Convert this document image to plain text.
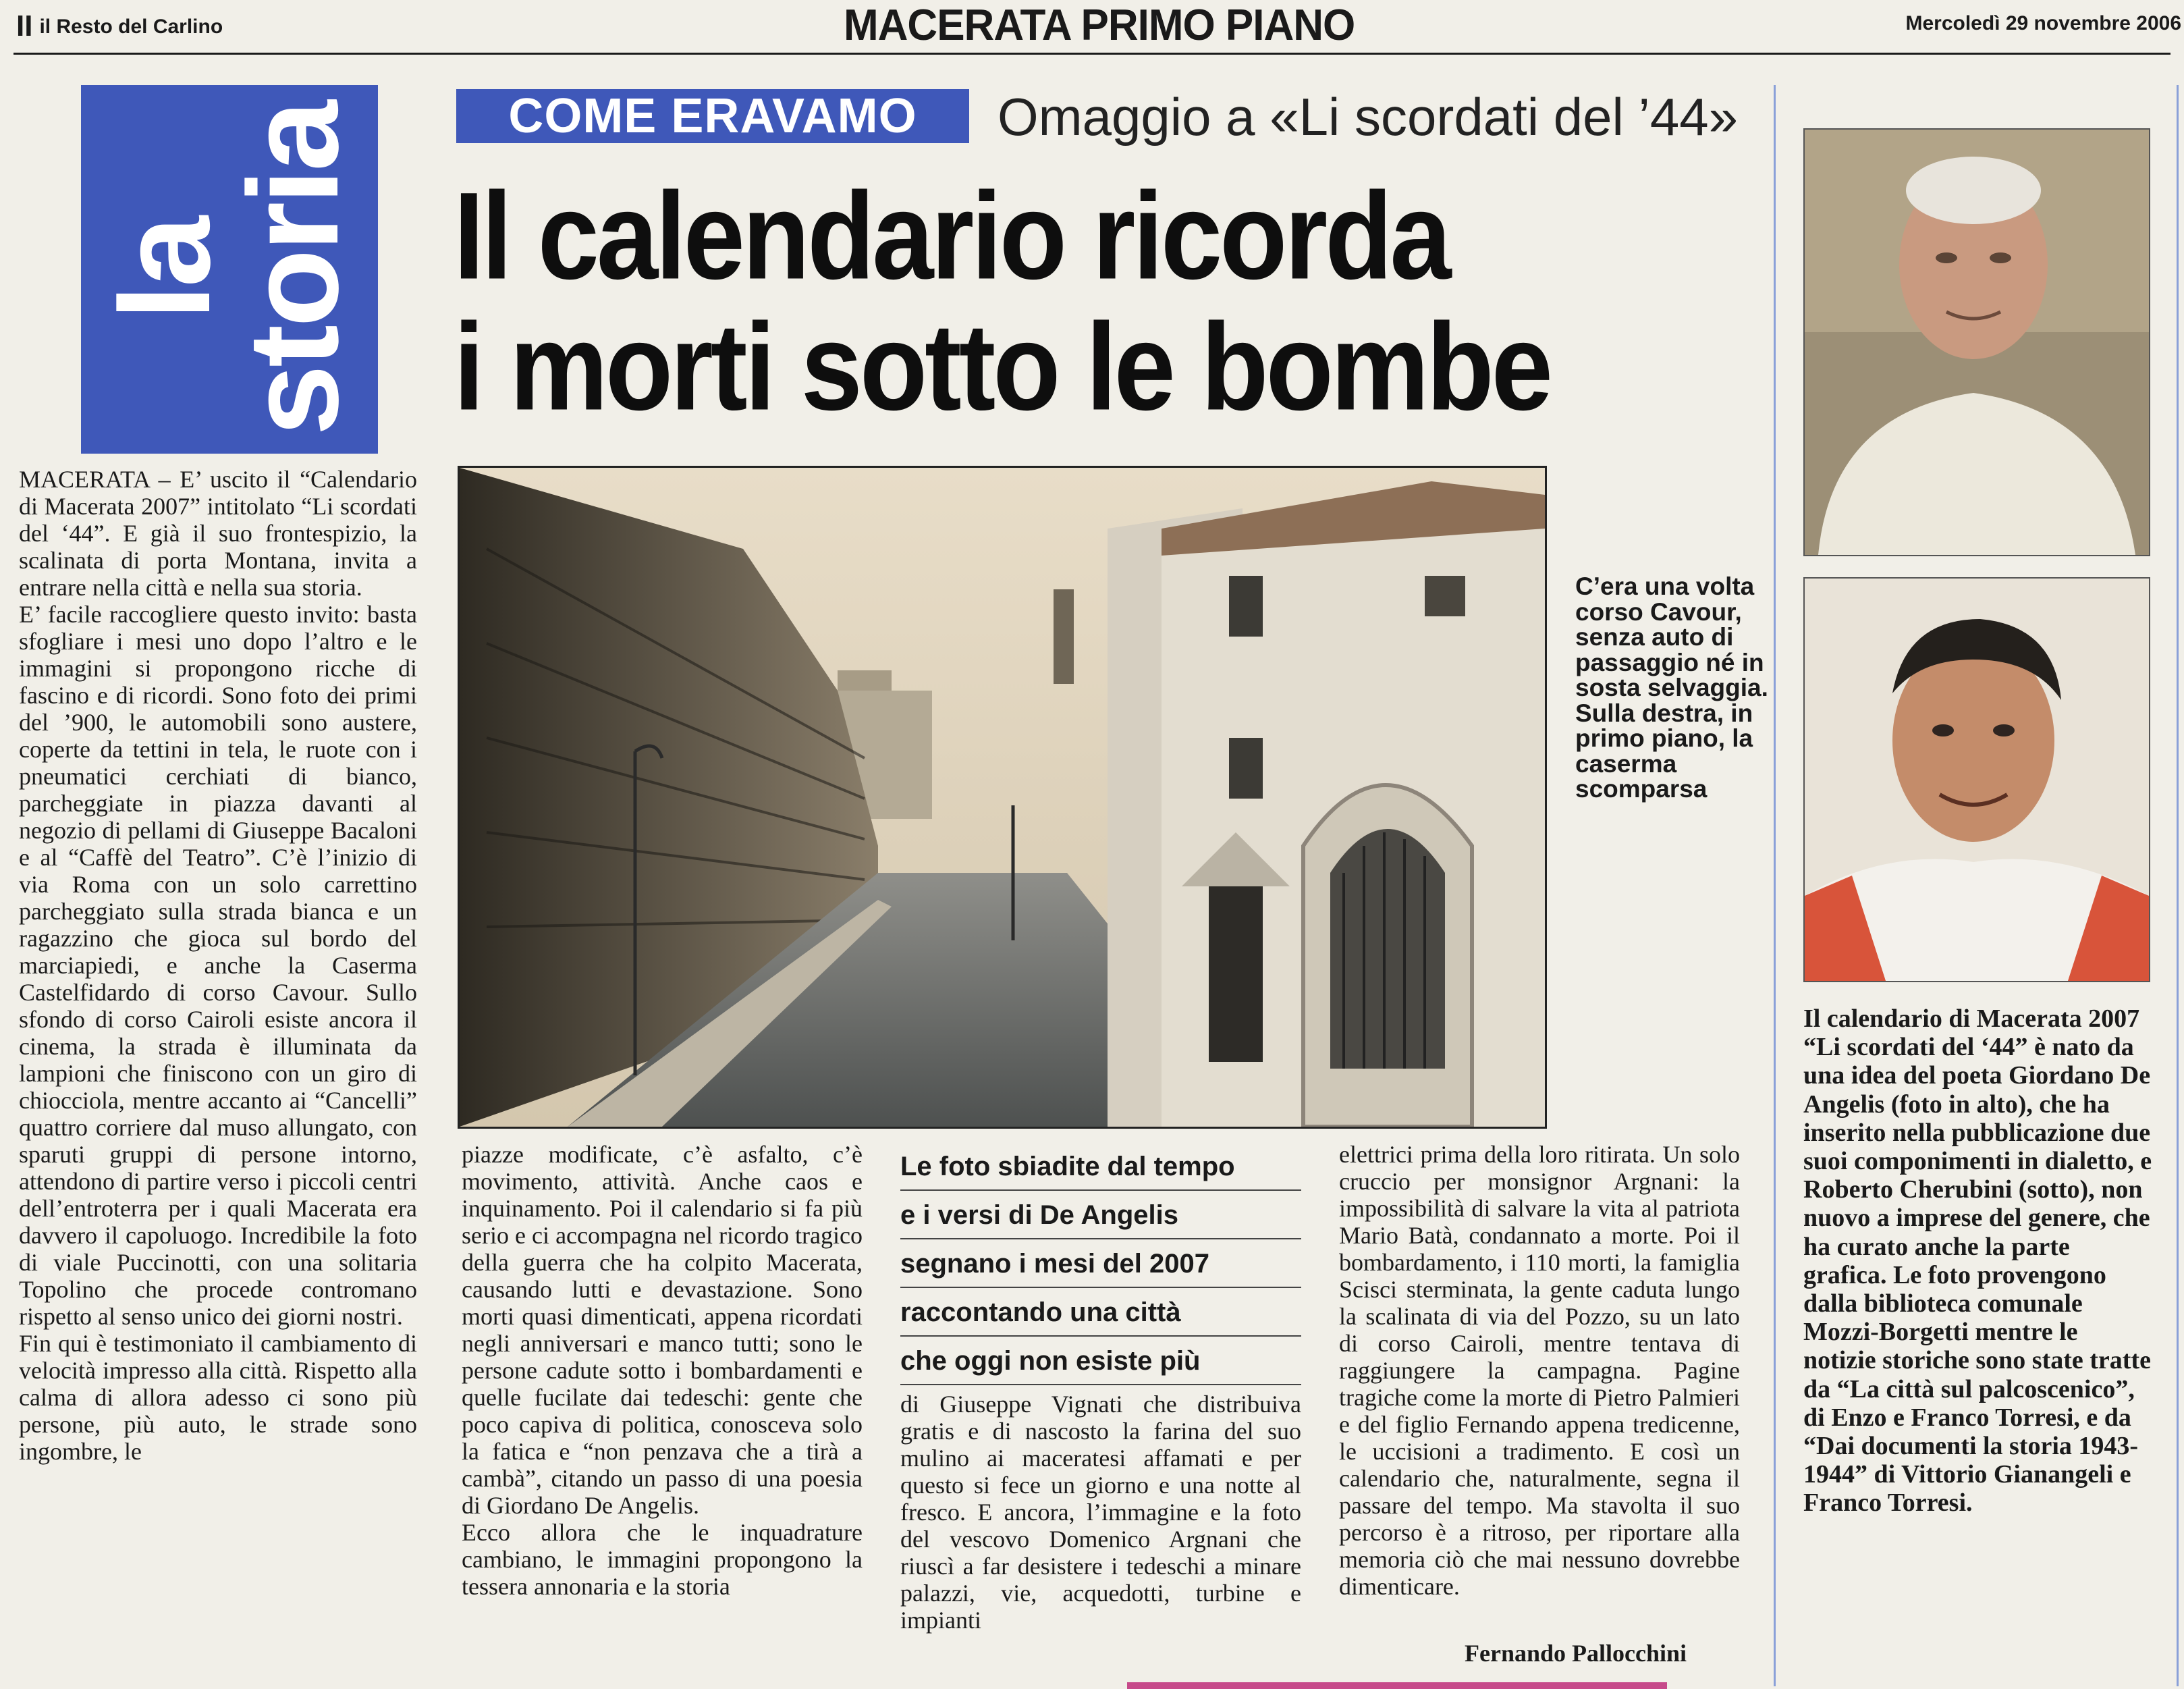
II il Resto del Carlino	MACERATA PRIMO PIANO	Mercoledì 29 novembre 2006
la
storia	COME ERAVAMO	Omaggio a «Li scordati del ’44»
Il calendario ricorda
i morti sotto le bombe
C’era una volta corso Cavour, senza auto di passaggio né in sosta selvaggia. Sulla destra, in primo piano, la caserma scomparsa
Il calendario di Macerata 2007 “Li scordati del ‘44” è nato da una idea del poeta Giordano De Angelis (foto in alto), che ha inserito nella pubblicazione due suoi componimenti in dialetto, e Roberto Cherubini (sotto), non nuovo a imprese del genere, che ha curato anche la parte grafica. Le foto provengono dalla biblioteca comunale Mozzi-Borgetti mentre le notizie storiche sono state tratte da “La città sul palcoscenico”, di Enzo e Franco Torresi, e da “Dai documenti la storia 1943-1944” di Vittorio Gianangeli e Franco Torresi.

MACERATA – E’ uscito il “Calendario di Macerata 2007” intitolato “Li scordati del ‘44”. E già il suo frontespizio, la scalinata di porta Montana, invita a entrare nella città e nella sua storia.

E’ facile raccogliere questo invito: basta sfogliare i mesi uno dopo l’altro e le immagini si propongono ricche di fascino e di ricordi. Sono foto dei primi del ’900, le automobili sono austere, coperte da tettini in tela, le ruote con i pneumatici cerchiati di bianco, parcheggiate in piazza davanti al negozio di pellami di Giuseppe Bacaloni e al “Caffè del Teatro”. C’è l’inizio di via Roma con un solo carrettino parcheggiato sulla strada bianca e un ragazzino che gioca sul bordo del marciapiedi, e anche la Caserma Castelfidardo di corso Cavour. Sullo sfondo di corso Cairoli esiste ancora il cinema, la strada è illuminata da lampioni che finiscono con un giro di chiocciola, mentre accanto ai “Cancelli” quattro corriere dal muso allungato, con sparuti gruppi di persone intorno, attendono di partire verso i piccoli centri dell’entroterra per i quali Macerata era davvero il capoluogo. Incredibile la foto di viale Puccinotti, con una solitaria Topolino che procede contromano rispetto al senso unico dei giorni nostri.

Fin qui è testimoniato il cambiamento di velocità impresso alla città. Rispetto alla calma di allora adesso ci sono più persone, più auto, le strade sono ingombre, le

piazze modificate, c’è asfalto, c’è movimento, attività. Anche caos e inquinamento. Poi il calendario si fa più serio e ci accompagna nel ricordo tragico della guerra che ha colpito Macerata, causando lutti e devastazione. Sono morti quasi dimenticati, appena ricordati negli anniversari e manco tutti; sono le persone cadute sotto i bombardamenti e quelle fucilate dai tedeschi: gente che poco capiva di politica, conosceva solo la fatica e “non penzava che a tirà a cambà”, citando un passo di una poesia di Giordano De Angelis.

Ecco allora che le inquadrature cambiano, le immagini propongono la tessera annonaria e la storia

Le foto sbiadite dal tempo
e i versi di De Angelis
segnano i mesi del 2007
raccontando una città
che oggi non esiste più

di Giuseppe Vignati che distribuiva gratis e di nascosto la farina del suo mulino ai maceratesi affamati e per questo si fece un giorno e una notte al fresco. E ancora, l’immagine e la foto del vescovo Domenico Argnani che riuscì a far desistere i tedeschi a minare palazzi, vie, acquedotti, turbine e impianti

elettrici prima della loro ritirata. Un solo cruccio per monsignor Argnani: la impossibilità di salvare la vita al patriota Mario Batà, condannato a morte. Poi il bombardamento, i 110 morti, la famiglia Scisci sterminata, la gente caduta lungo la scalinata di via del Pozzo, su un lato di corso Cairoli, mentre tentava di raggiungere la campagna. Pagine tragiche come la morte di Pietro Palmieri e del figlio Fernando appena tredicenne, le uccisioni a tradimento. E così un calendario che, naturalmente, segna il passare del tempo. Ma stavolta il suo percorso è a ritroso, per riportare alla memoria ciò che mai nessuno dovrebbe dimenticare.

Fernando Pallocchini
